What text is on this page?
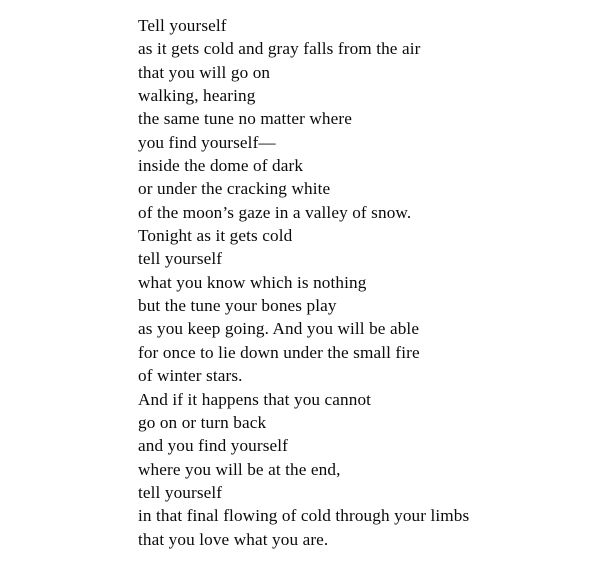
Tell yourself
as it gets cold and gray falls from the air
that you will go on
walking, hearing
the same tune no matter where
you find yourself—
inside the dome of dark
or under the cracking white
of the moon’s gaze in a valley of snow.
Tonight as it gets cold
tell yourself
what you know which is nothing
but the tune your bones play
as you keep going. And you will be able
for once to lie down under the small fire
of winter stars.
And if it happens that you cannot
go on or turn back
and you find yourself
where you will be at the end,
tell yourself
in that final flowing of cold through your limbs
that you love what you are.
